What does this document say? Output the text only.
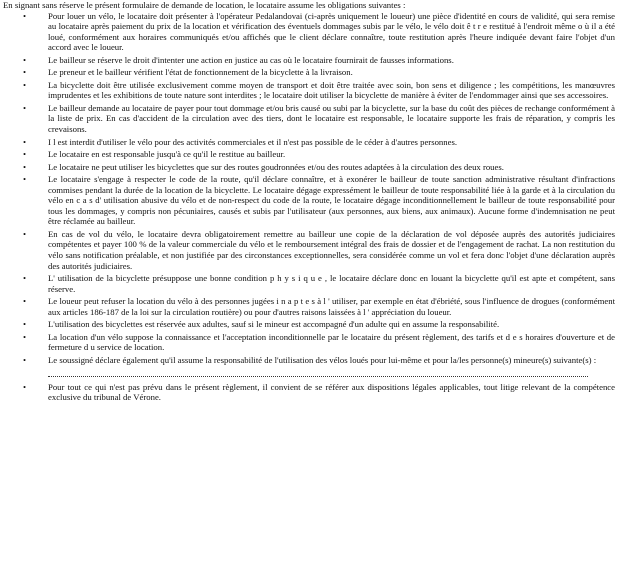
En signant sans réserve le présent formulaire de demande de location, le locataire assume les obligations suivantes :

• Pour louer un vélo, le locataire doit présenter à l'opérateur Pedalandovai (ci-après uniquement le loueur) une pièce d'identité en cours de validité, qui sera remise au locataire après paiement du prix de la location et vérification des éventuels dommages subis par le vélo, le vélo doit ê t r e restitué à l'endroit même o ù il a été loué, conformément aux horaires communiqués et/ou affichés que le client déclare connaître, toute restitution après l'heure indiquée devant faire l'objet d'un accord avec le loueur.
• Le bailleur se réserve le droit d'intenter une action en justice au cas où le locataire fournirait de fausses informations.
• Le preneur et le bailleur vérifient l'état de fonctionnement de la bicyclette à la livraison.
• La bicyclette doit être utilisée exclusivement comme moyen de transport et doit être traitée avec soin, bon sens et diligence ; les compétitions, les manœuvres imprudentes et les exhibitions de toute nature sont interdites ; le locataire doit utiliser la bicyclette de manière à éviter de l'endommager ainsi que ses accessoires.
• Le bailleur demande au locataire de payer pour tout dommage et/ou bris causé ou subi par la bicyclette, sur la base du coût des pièces de rechange conformément à la liste de prix. En cas d'accident de la circulation avec des tiers, dont le locataire est responsable, le locataire supporte les frais de réparation, y compris les crevaisons.
• I l est interdit d'utiliser le vélo pour des activités commerciales et il n'est pas possible de le céder à d'autres personnes.
• Le locataire en est responsable jusqu'à ce qu'il le restitue au bailleur.
• Le locataire ne peut utiliser les bicyclettes que sur des routes goudronnées et/ou des routes adaptées à la circulation des deux roues.
• Le locataire s'engage à respecter le code de la route, qu'il déclare connaître, et à exonérer le bailleur de toute sanction administrative résultant d'infractions commises pendant la durée de la location de la bicyclette. Le locataire dégage expressément le bailleur de toute responsabilité liée à la garde et à la circulation du vélo en c a s d' utilisation abusive du vélo et de non-respect du code de la route, le locataire dégage inconditionnellement le bailleur de toute responsabilité pour tous les dommages, y compris non pécuniaires, causés et subis par l'utilisateur (aux personnes, aux biens, aux animaux). Aucune forme d'indemnisation ne peut être réclamée au bailleur.
• En cas de vol du vélo, le locataire devra obligatoirement remettre au bailleur une copie de la déclaration de vol déposée auprès des autorités judiciaires compétentes et payer 100 % de la valeur commerciale du vélo et le remboursement intégral des frais de dossier et de l'engagement de rachat. La non restitution du vélo sans notification préalable, et non justifiée par des circonstances exceptionnelles, sera considérée comme un vol et fera donc l'objet d'une déclaration auprès des autorités judiciaires.
• L' utilisation de la bicyclette présuppose une bonne condition p h y s i q u e , le locataire déclare donc en louant la bicyclette qu'il est apte et compétent, sans réserve.
• Le loueur peut refuser la location du vélo à des personnes jugées i n a p t e s à l ' utiliser, par exemple en état d'ébriété, sous l'influence de drogues (conformément aux articles 186-187 de la loi sur la circulation routière) ou pour d'autres raisons laissées à l ' appréciation du loueur.
• L'utilisation des bicyclettes est réservée aux adultes, sauf si le mineur est accompagné d'un adulte qui en assume la responsabilité.
• La location d'un vélo suppose la connaissance et l'acceptation inconditionnelle par le locataire du présent règlement, des tarifs et d e s horaires d'ouverture et de fermeture d u service de location.
• Le soussigné déclare également qu'il assume la responsabilité de l'utilisation des vélos loués pour lui-même et pour la/les personne(s) mineure(s) suivante(s) :
• Pour tout ce qui n'est pas prévu dans le présent règlement, il convient de se référer aux dispositions légales applicables, tout litige relevant de la compétence exclusive du tribunal de Vérone.
